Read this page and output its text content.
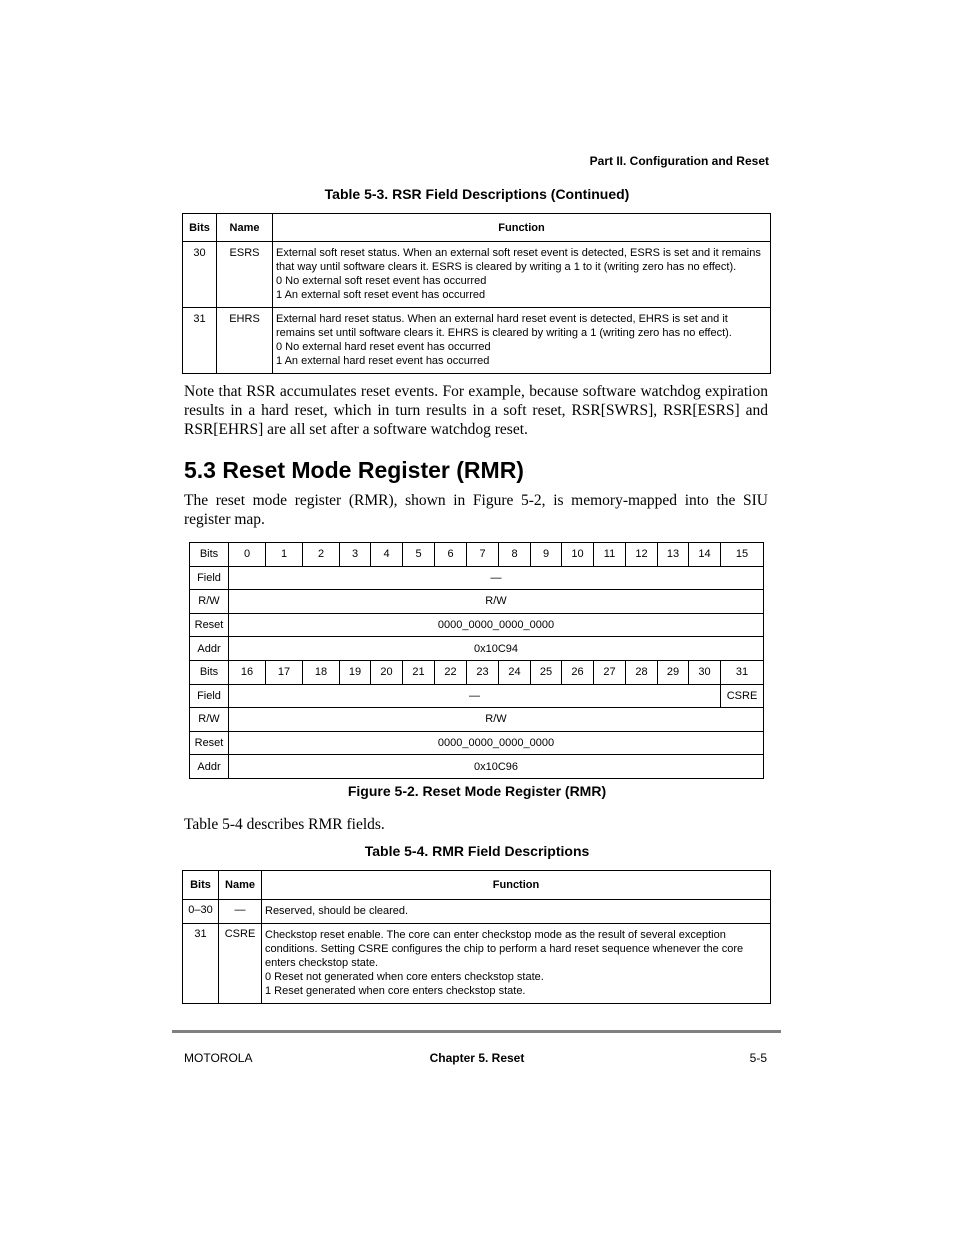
Part II. Configuration and Reset
Table 5-3. RSR Field Descriptions (Continued)
Bits	Name	Function
30	ESRS	External soft reset status. When an external soft reset event is detected, ESRS is set and it remains
that way until software clears it. ESRS is cleared by writing a 1 to it (writing zero has no effect).
0 No external soft reset event has occurred
1 An external soft reset event has occurred

31	EHRS	External hard reset status. When an external hard reset event is detected, EHRS is set and it
remains set until software clears it. EHRS is cleared by writing a 1 (writing zero has no effect).
0 No external hard reset event has occurred
1 An external hard reset event has occurred
Note that RSR accumulates reset events. For example, because software watchdog expiration results in a hard reset, which in turn results in a soft reset, RSR[SWRS], RSR[ESRS] and RSR[EHRS] are all set after a software watchdog reset.
5.3 Reset Mode Register (RMR)
The reset mode register (RMR), shown in Figure 5-2, is memory-mapped into the SIU register map.
Bits	0	1	2	3	4	5	6	7	8	9	10	11	12	13	14	15
Field	—															
R/W	R/W															
Reset	0000_0000_0000_0000															
Addr	0x10C94															
Bits	16	17	18	19	20	21	22	23	24	25	26	27	28	29	30	31
Field	—															CSRE
R/W	R/W															
Reset	0000_0000_0000_0000															
Addr	0x10C96															
Figure 5-2. Reset Mode Register (RMR)
Table 5-4 describes RMR fields.
Table 5-4. RMR Field Descriptions
Bits	Name	Function
0–30	—	Reserved, should be cleared.

31	CSRE	Checkstop reset enable. The core can enter checkstop mode as the result of several exception
conditions. Setting CSRE configures the chip to perform a hard reset sequence whenever the core
enters checkstop state.
0 Reset not generated when core enters checkstop state.
1 Reset generated when core enters checkstop state.
MOTOROLA	Chapter 5. Reset	5-5
